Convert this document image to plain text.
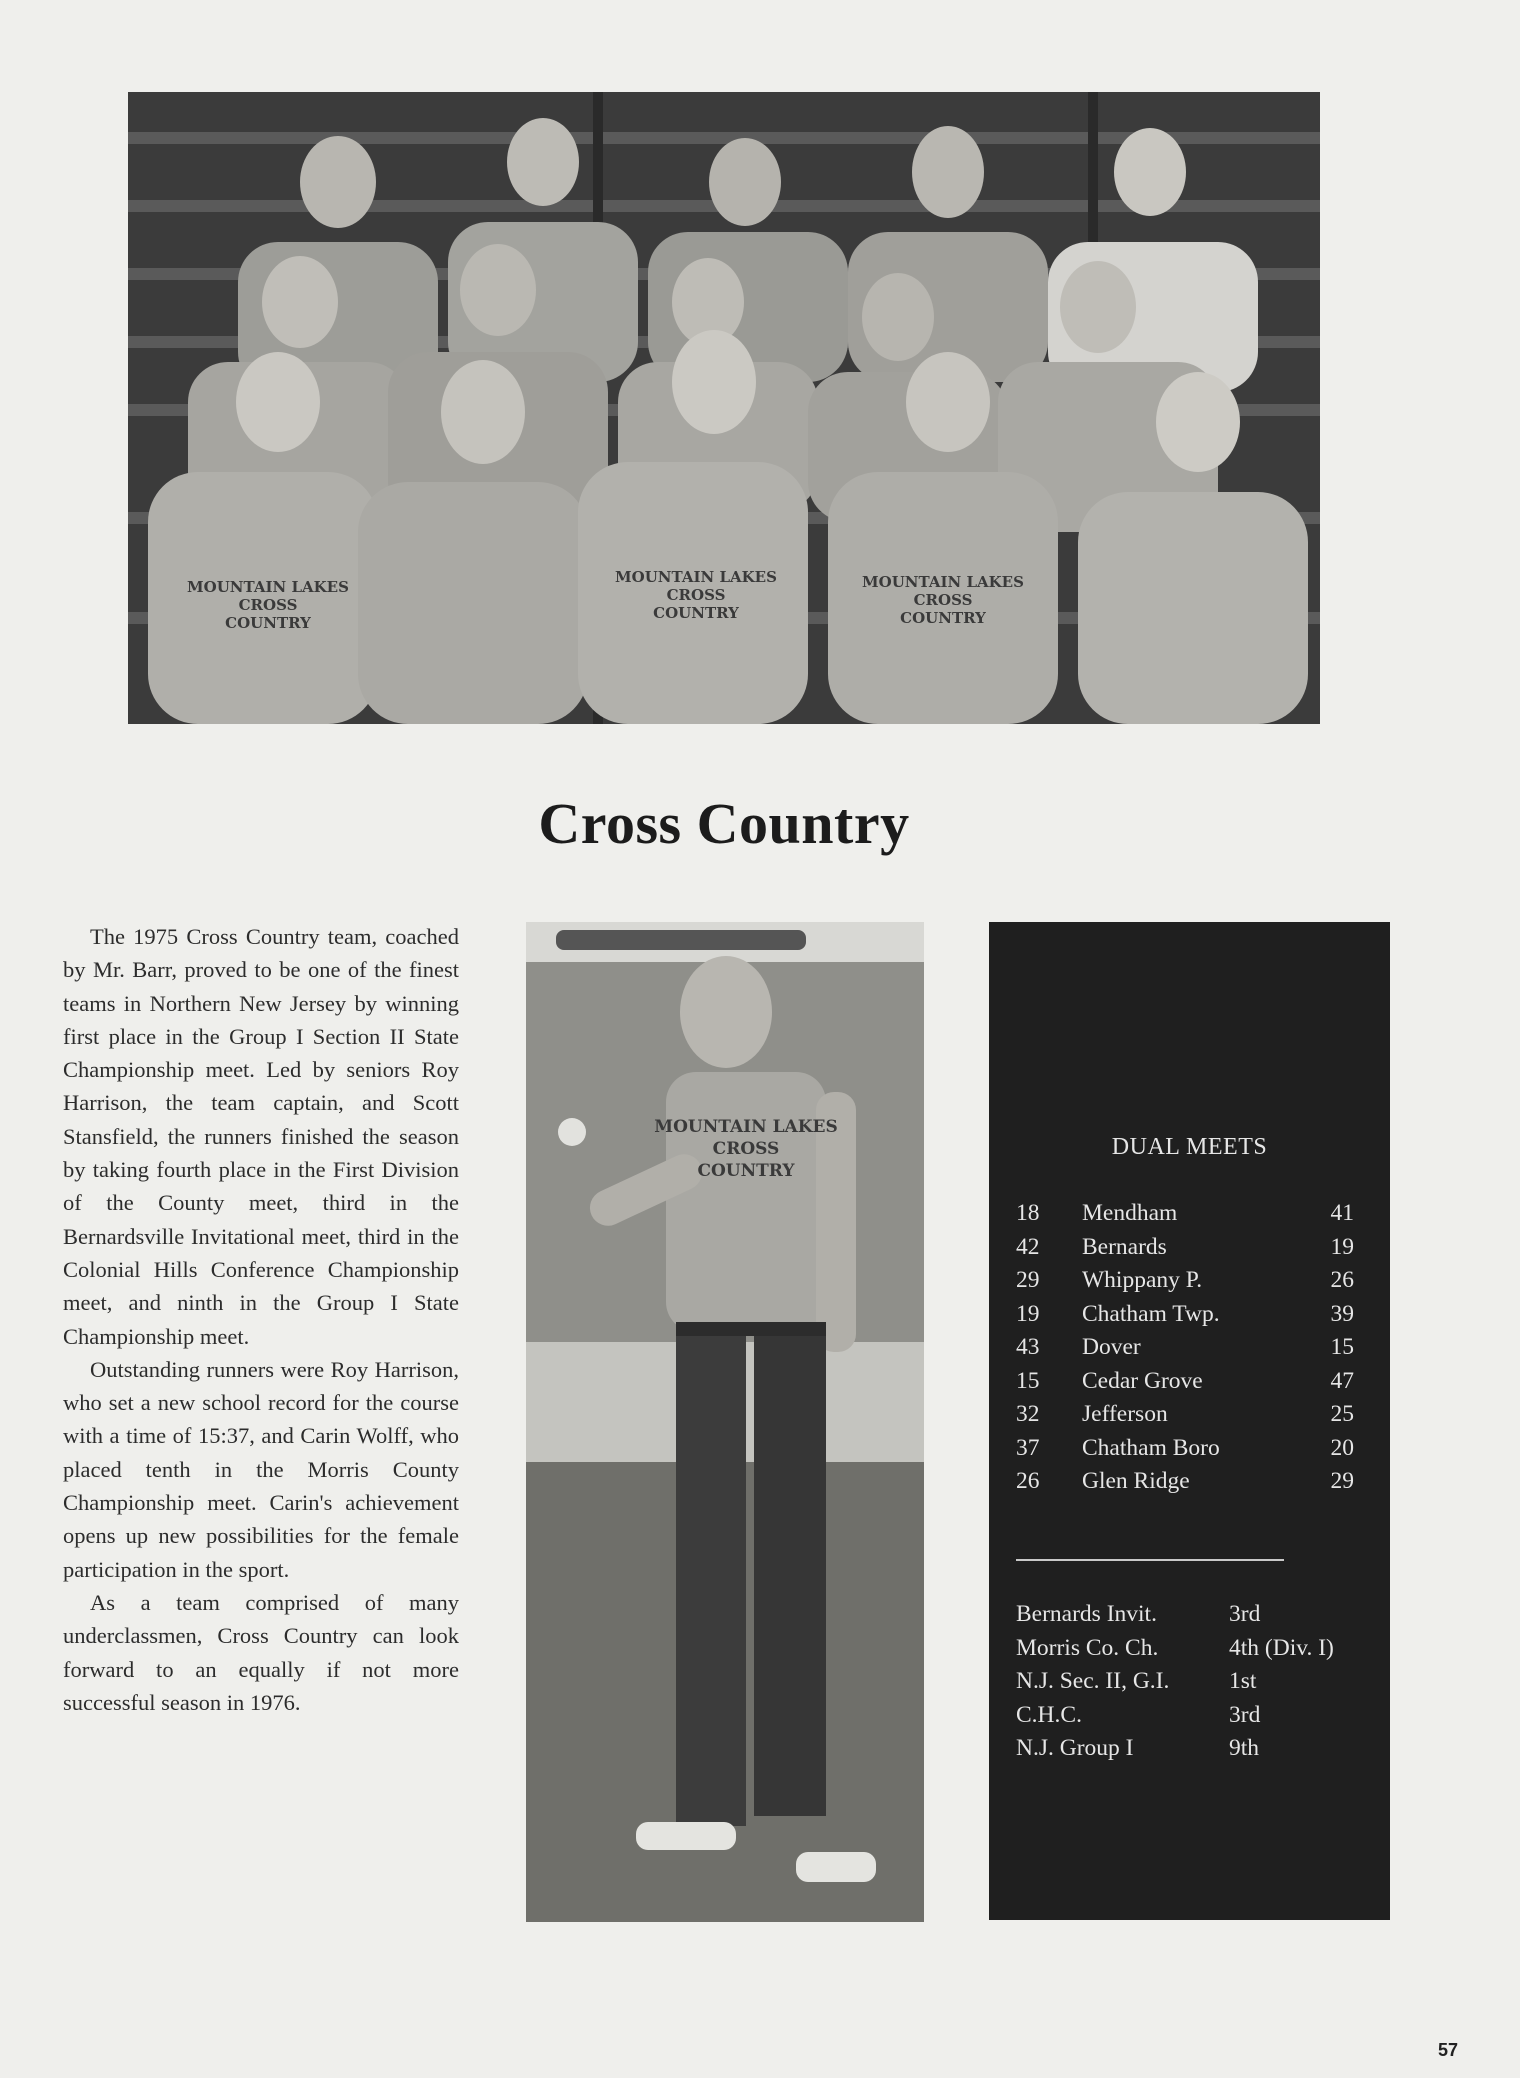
MOUNTAIN LAKES
CROSS
COUNTRY
MOUNTAIN LAKES
CROSS
COUNTRY
MOUNTAIN LAKES
CROSS
COUNTRY
Cross Country

The 1975 Cross Country team, coached by Mr. Barr, proved to be one of the finest teams in Northern New Jersey by winning first place in the Group I Section II State Championship meet. Led by seniors Roy Harrison, the team captain, and Scott Stansfield, the runners finished the season by taking fourth place in the First Division of the County meet, third in the Bernardsville Invitational meet, third in the Colonial Hills Conference Championship meet, and ninth in the Group I State Championship meet.

Outstanding runners were Roy Harrison, who set a new school record for the course with a time of 15:37, and Carin Wolff, who placed tenth in the Morris County Championship meet. Carin's achievement opens up new possibilities for the female participation in the sport.

As a team comprised of many underclassmen, Cross Country can look forward to an equally if not more successful season in 1976.

MOUNTAIN LAKES
CROSS
COUNTRY
DUAL MEETS
18	Mendham	41
42	Bernards	19
29	Whippany P.	26
19	Chatham Twp.	39
43	Dover	15
15	Cedar Grove	47
32	Jefferson	25
37	Chatham Boro	20
26	Glen Ridge	29
Bernards Invit.	3rd
Morris Co. Ch.	4th (Div. I)
N.J. Sec. II, G.I.	1st
C.H.C.	3rd
N.J. Group I	9th
57
